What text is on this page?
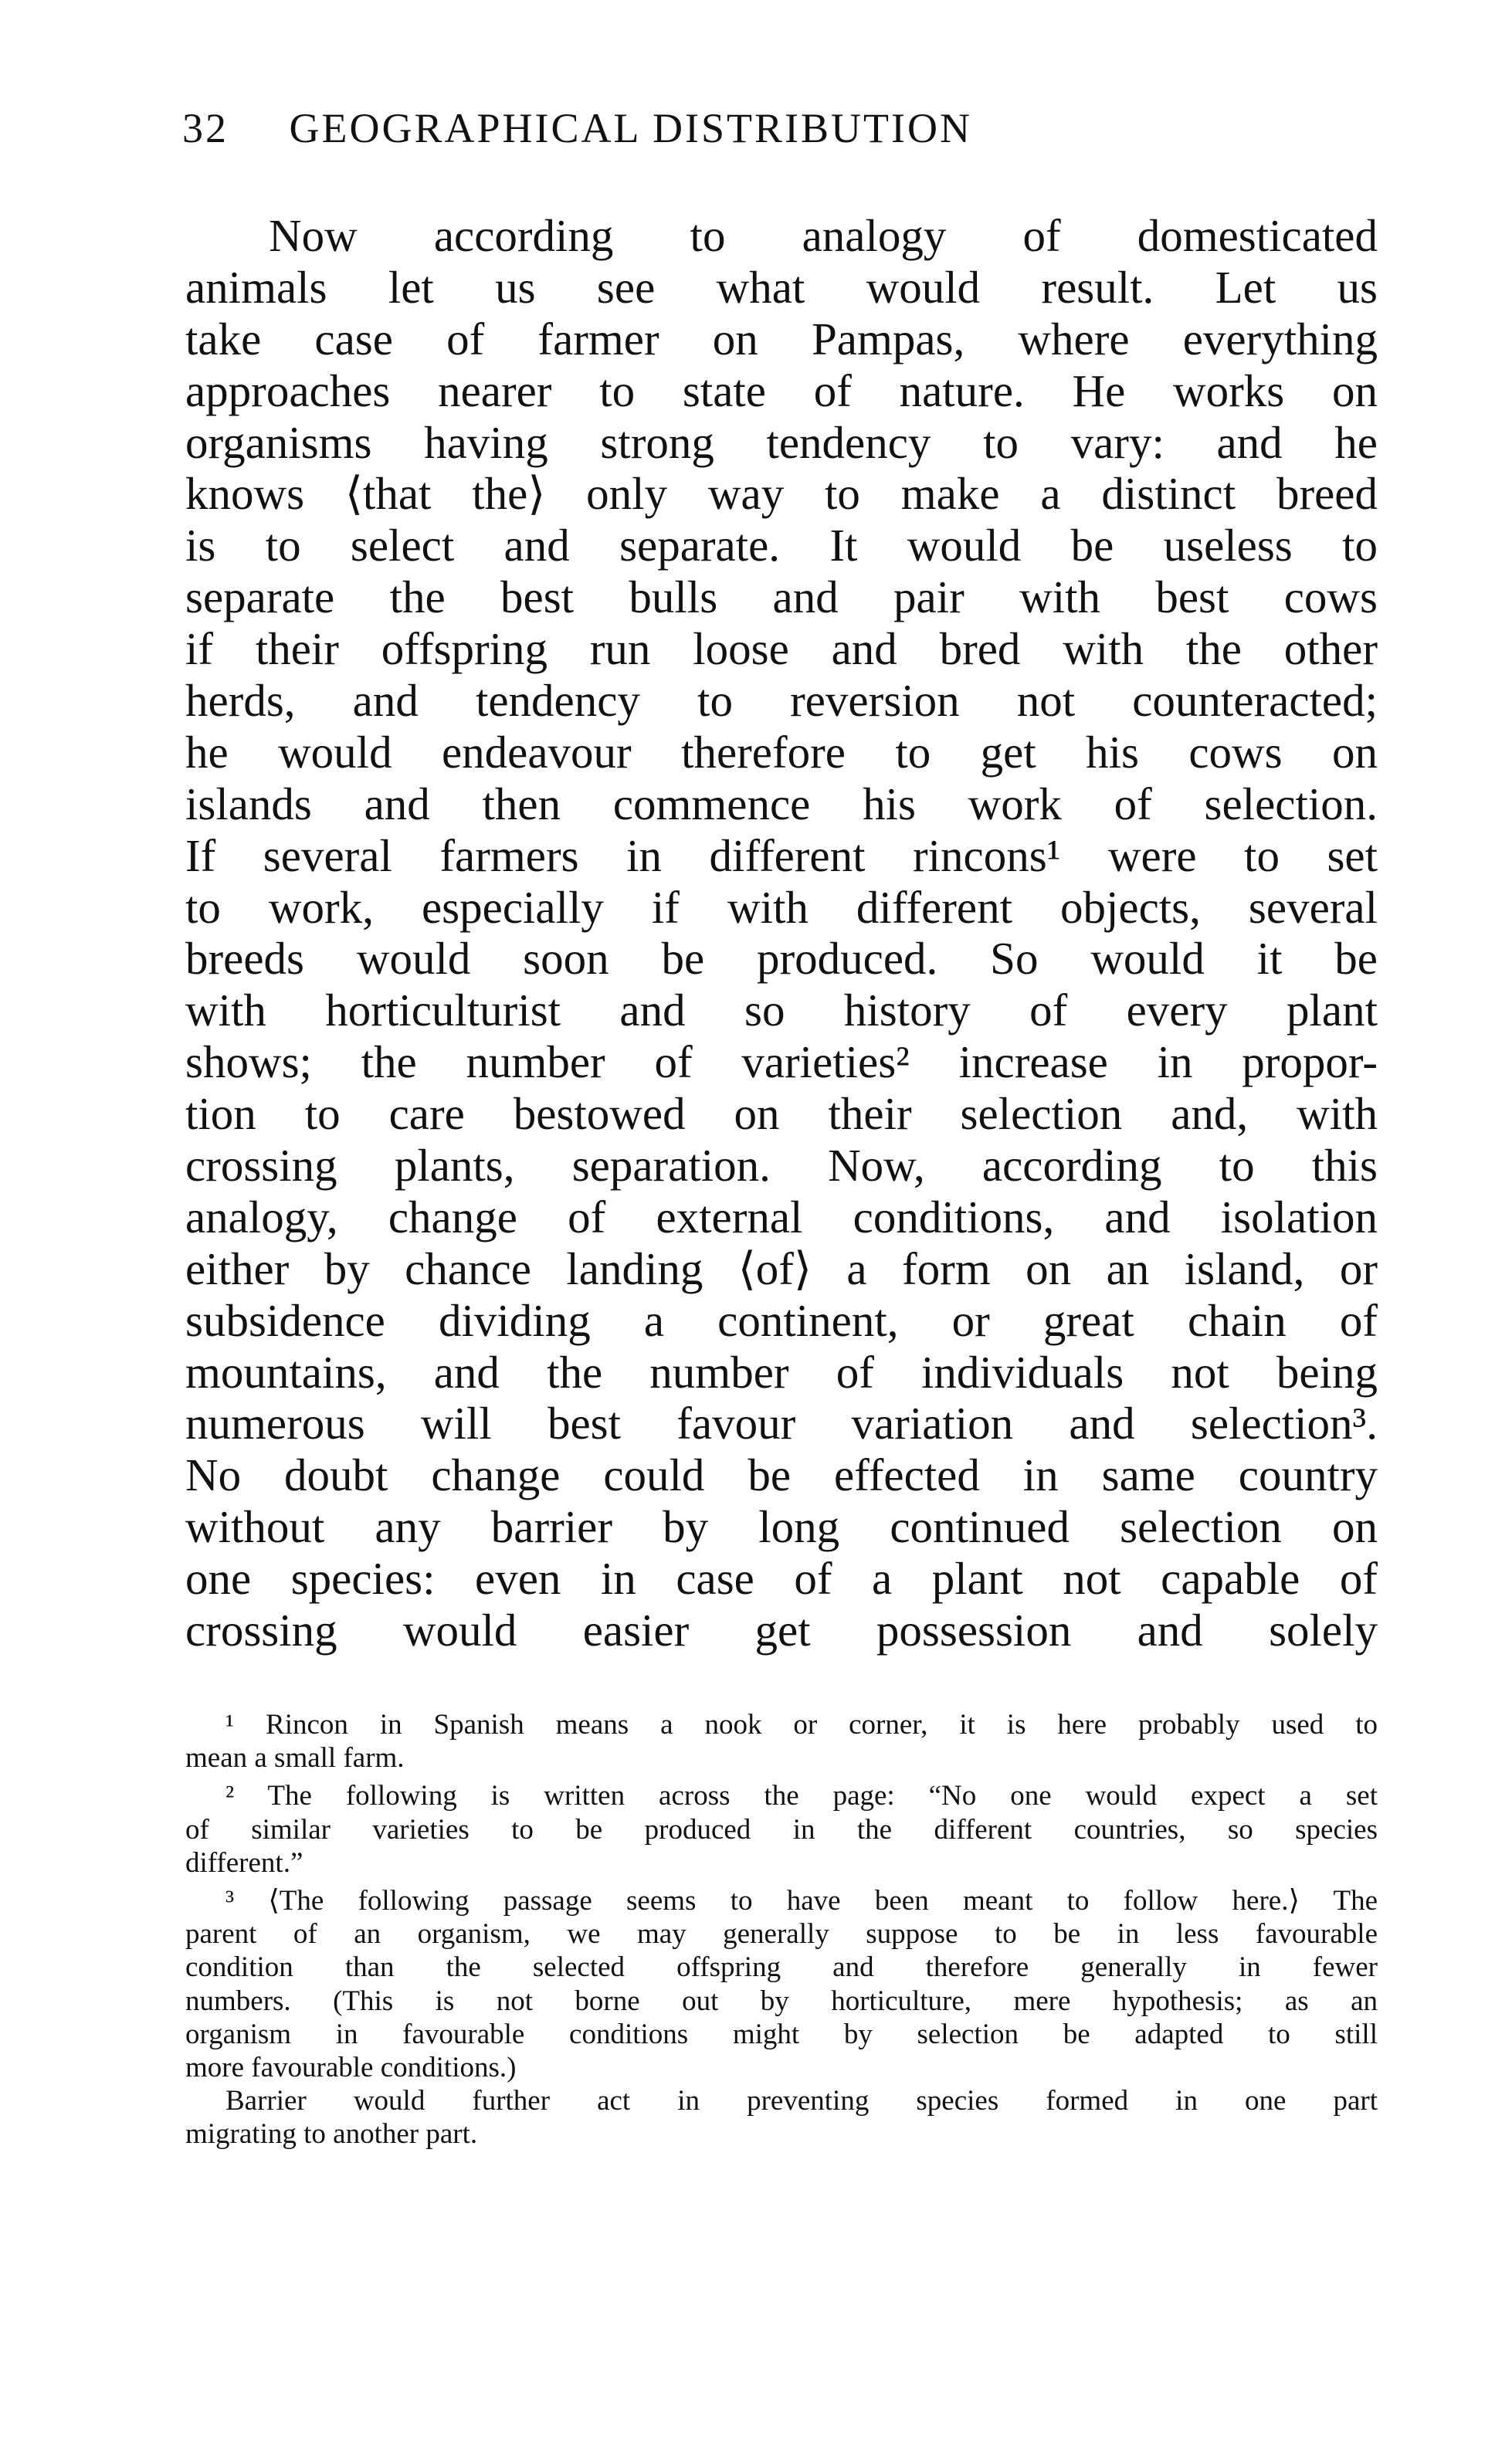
32 GEOGRAPHICAL DISTRIBUTION
Now according to analogy of domesticated
animals let us see what would result. Let us
take case of farmer on Pampas, where everything
approaches nearer to state of nature. He works on
organisms having strong tendency to vary: and he
knows ⟨that the⟩ only way to make a distinct breed
is to select and separate. It would be useless to
separate the best bulls and pair with best cows
if their offspring run loose and bred with the other
herds, and tendency to reversion not counteracted;
he would endeavour therefore to get his cows on
islands and then commence his work of selection.
If several farmers in different rincons¹ were to set
to work, especially if with different objects, several
breeds would soon be produced. So would it be
with horticulturist and so history of every plant
shows; the number of varieties² increase in propor-
tion to care bestowed on their selection and, with
crossing plants, separation. Now, according to this
analogy, change of external conditions, and isolation
either by chance landing ⟨of⟩ a form on an island, or
subsidence dividing a continent, or great chain of
mountains, and the number of individuals not being
numerous will best favour variation and selection³.
No doubt change could be effected in same country
without any barrier by long continued selection on
one species: even in case of a plant not capable of
crossing would easier get possession and solely
¹ Rincon in Spanish means a nook or corner, it is here probably used to
mean a small farm.
² The following is written across the page: “No one would expect a set
of similar varieties to be produced in the different countries, so species
different.”
³ ⟨The following passage seems to have been meant to follow here.⟩ The
parent of an organism, we may generally suppose to be in less favourable
condition than the selected offspring and therefore generally in fewer
numbers. (This is not borne out by horticulture, mere hypothesis; as an
organism in favourable conditions might by selection be adapted to still
more favourable conditions.)
Barrier would further act in preventing species formed in one part
migrating to another part.
